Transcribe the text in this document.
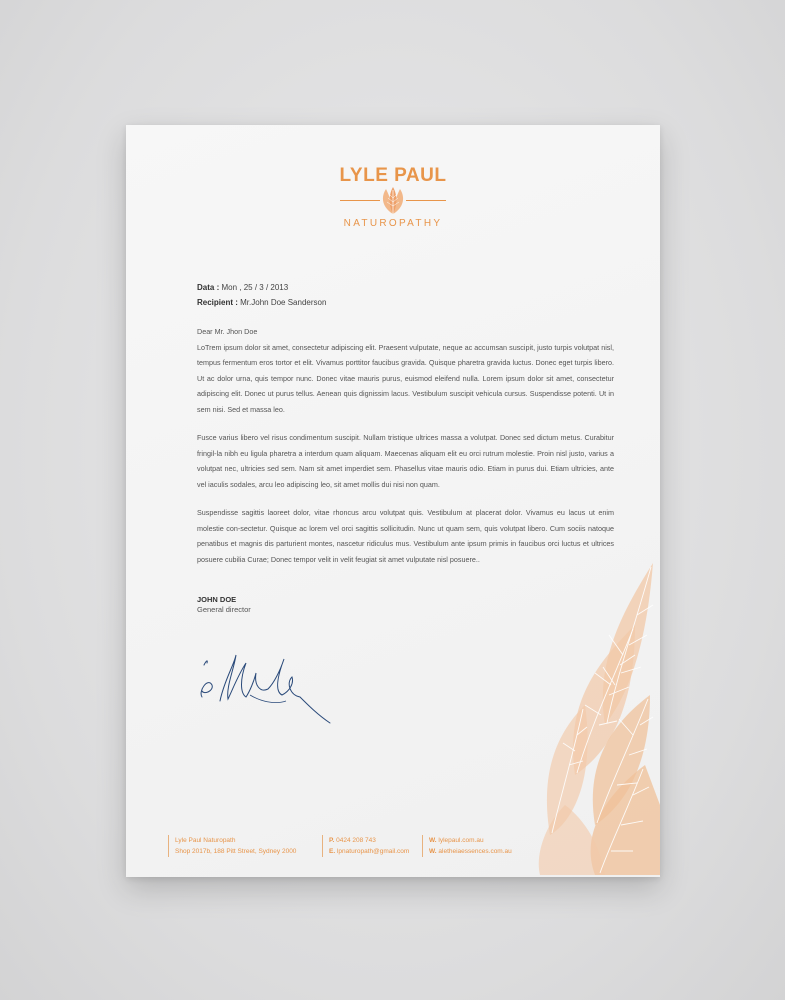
LYLE PAUL
NATUROPATHY
Data : Mon , 25 / 3 / 2013
Recipient : Mr.John Doe Sanderson

Dear Mr. Jhon Doe

LoTrem ipsum dolor sit amet, consectetur adipiscing elit. Praesent vulputate, neque ac accumsan suscipit, justo turpis volutpat nisl, tempus fermentum eros tortor et elit. Vivamus porttitor faucibus gravida. Quisque pharetra gravida luctus. Donec eget turpis libero. Ut ac dolor urna, quis tempor nunc. Donec vitae mauris purus, euismod eleifend nulla. Lorem ipsum dolor sit amet, consectetur adipiscing elit. Donec ut purus tellus. Aenean quis dignissim lacus. Vestibulum suscipit vehicula cursus. Suspendisse potenti. Ut in sem nisi. Sed et massa leo.

Fusce varius libero vel risus condimentum suscipit. Nullam tristique ultrices massa a volutpat. Donec sed dictum metus. Curabitur fringil-la nibh eu ligula pharetra a interdum quam aliquam. Maecenas aliquam elit eu orci rutrum molestie. Proin nisl justo, varius a volutpat nec, ultricies sed sem. Nam sit amet imperdiet sem. Phasellus vitae mauris odio. Etiam in purus dui. Etiam ultricies, ante vel iaculis sodales, arcu leo adipiscing leo, sit amet mollis dui nisi non quam.

Suspendisse sagittis laoreet dolor, vitae rhoncus arcu volutpat quis. Vestibulum at placerat dolor. Vivamus eu lacus ut enim molestie con-sectetur. Quisque ac lorem vel orci sagittis sollicitudin. Nunc ut quam sem, quis volutpat libero. Cum sociis natoque penatibus et magnis dis parturient montes, nascetur ridiculus mus. Vestibulum ante ipsum primis in faucibus orci luctus et ultrices posuere cubilia Curae; Donec tempor velit in velit feugiat sit amet vulputate nisl posuere..

JOHN DOE
General director
Lyle Paul Naturopath
Shop 2017b, 188 Pitt Street, Sydney 2000
P. 0424 208 743
E. lpnaturopath@gmail.com
W. lylepaul.com.au
W. aletheiaessences.com.au
